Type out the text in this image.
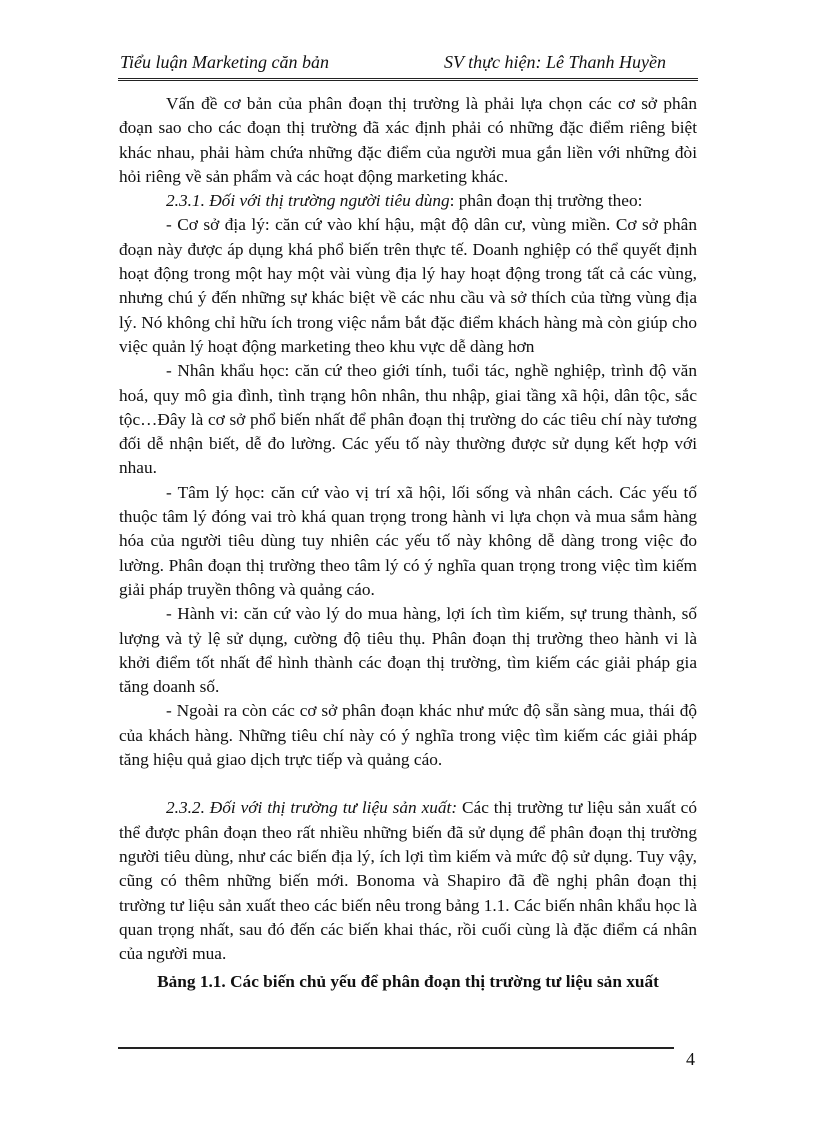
Tiểu luận Marketing căn bản	SV thực hiện: Lê Thanh Huyền

Vấn đề cơ bản của phân đoạn thị trường là phải lựa chọn các cơ sở phân đoạn sao cho các đoạn thị trường đã xác định phải có những đặc điểm riêng biệt khác nhau, phải hàm chứa những đặc điểm của người mua gắn liền với những đòi hỏi riêng về sản phẩm và các hoạt động marketing khác.

2.3.1. Đối với thị trường người tiêu dùng: phân đoạn thị trường theo:

- Cơ sở địa lý: căn cứ vào khí hậu, mật độ dân cư, vùng miền. Cơ sở phân đoạn này được áp dụng khá phổ biến trên thực tế. Doanh nghiệp có thể quyết định hoạt động trong một hay một vài vùng địa lý hay hoạt động trong tất cả các vùng, nhưng chú ý đến những sự khác biệt về các nhu cầu và sở thích của từng vùng địa lý. Nó không chỉ hữu ích trong việc nắm bắt đặc điểm khách hàng mà còn giúp cho việc quản lý hoạt động marketing theo khu vực dễ dàng hơn

- Nhân khẩu học: căn cứ theo giới tính, tuổi tác, nghề nghiệp, trình độ văn hoá, quy mô gia đình, tình trạng hôn nhân, thu nhập, giai tầng xã hội, dân tộc, sắc tộc…Đây là cơ sở phổ biến nhất để phân đoạn thị trường do các tiêu chí này tương đối dễ nhận biết, dễ đo lường. Các yếu tố này thường được sử dụng kết hợp với nhau.

- Tâm lý học: căn cứ vào vị trí xã hội, lối sống và nhân cách. Các yếu tố thuộc tâm lý đóng vai trò khá quan trọng trong hành vi lựa chọn và mua sắm hàng hóa của người tiêu dùng tuy nhiên các yếu tố này không dễ dàng trong việc đo lường. Phân đoạn thị trường theo tâm lý có ý nghĩa quan trọng trong việc tìm kiếm giải pháp truyền thông và quảng cáo.

- Hành vi: căn cứ vào lý do mua hàng, lợi ích tìm kiếm, sự trung thành, số lượng và tỷ lệ sử dụng, cường độ tiêu thụ. Phân đoạn thị trường theo hành vi là khởi điểm tốt nhất để hình thành các đoạn thị trường, tìm kiếm các giải pháp gia tăng doanh số.

- Ngoài ra còn các cơ sở phân đoạn khác như mức độ sẵn sàng mua, thái độ của khách hàng. Những tiêu chí này có ý nghĩa trong việc tìm kiếm các giải pháp tăng hiệu quả giao dịch trực tiếp và quảng cáo.

2.3.2. Đối với thị trường tư liệu sản xuất: Các thị trường tư liệu sản xuất có thể được phân đoạn theo rất nhiều những biến đã sử dụng để phân đoạn thị trường người tiêu dùng, như các biến địa lý, ích lợi tìm kiếm và mức độ sử dụng. Tuy vậy, cũng có thêm những biến mới. Bonoma và Shapiro đã đề nghị phân đoạn thị trường tư liệu sản xuất theo các biến nêu trong bảng 1.1. Các biến nhân khẩu học là quan trọng nhất, sau đó đến các biến khai thác, rồi cuối cùng là đặc điểm cá nhân của người mua.

Bảng 1.1. Các biến chủ yếu để phân đoạn thị trường tư liệu sản xuất
4
